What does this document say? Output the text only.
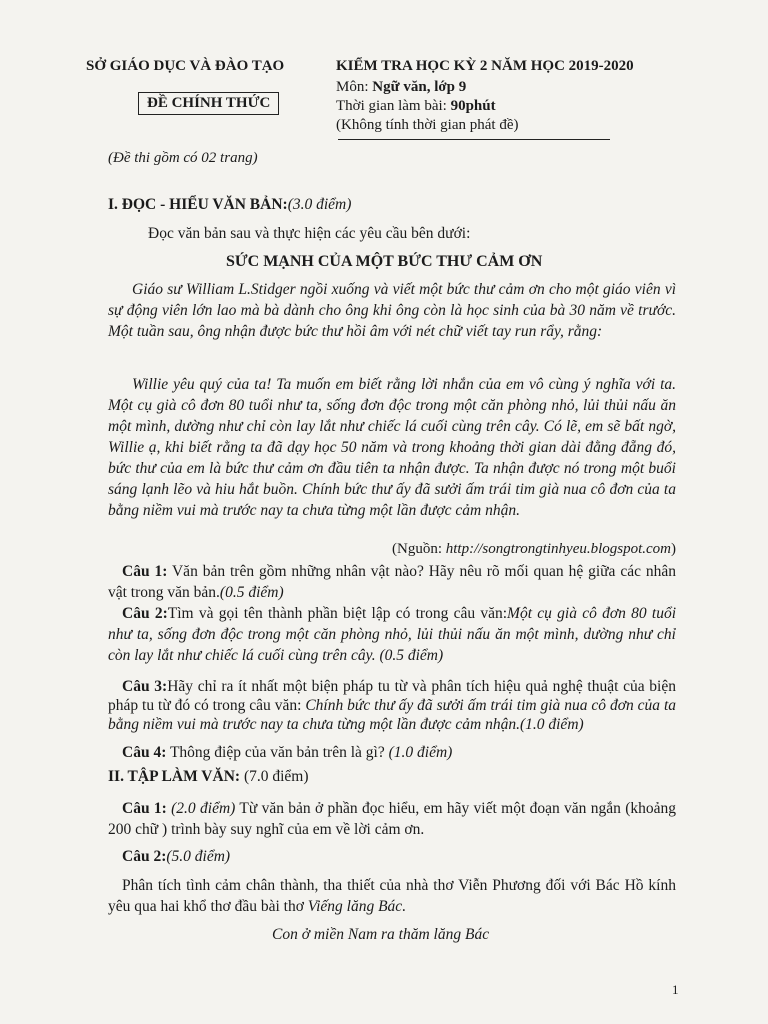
SỞ GIÁO DỤC VÀ ĐÀO TẠO
ĐỀ CHÍNH THỨC
KIỂM TRA HỌC KỲ 2 NĂM HỌC 2019-2020
Môn: Ngữ văn, lớp 9
Thời gian làm bài: 90phút
(Không tính thời gian phát đề)
(Đề thi gồm có 02 trang)
I. ĐỌC - HIỂU VĂN BẢN:(3.0 điểm)
Đọc văn bản sau và thực hiện các yêu cầu bên dưới:
SỨC MẠNH CỦA MỘT BỨC THƯ CẢM ƠN
Giáo sư William L.Stidger ngồi xuống và viết một bức thư cảm ơn cho một giáo viên vì sự động viên lớn lao mà bà dành cho ông khi ông còn là học sinh của bà 30 năm về trước. Một tuần sau, ông nhận được bức thư hồi âm với nét chữ viết tay run rẩy, rằng:
Willie yêu quý của ta! Ta muốn em biết rằng lời nhắn của em vô cùng ý nghĩa với ta. Một cụ già cô đơn 80 tuổi như ta, sống đơn độc trong một căn phòng nhỏ, lủi thủi nấu ăn một mình, dường như chỉ còn lay lắt như chiếc lá cuối cùng trên cây. Có lẽ, em sẽ bất ngờ, Willie ạ, khi biết rằng ta đã dạy học 50 năm và trong khoảng thời gian dài đằng đẵng đó, bức thư của em là bức thư cảm ơn đầu tiên ta nhận được. Ta nhận được nó trong một buổi sáng lạnh lẽo và hiu hắt buồn. Chính bức thư ấy đã sưởi ấm trái tim già nua cô đơn của ta bằng niềm vui mà trước nay ta chưa từng một lần được cảm nhận.
(Nguồn: http://songtrongtinhyeu.blogspot.com)
Câu 1: Văn bản trên gồm những nhân vật nào? Hãy nêu rõ mối quan hệ giữa các nhân vật trong văn bản.(0.5 điểm)
Câu 2:Tìm và gọi tên thành phần biệt lập có trong câu văn:Một cụ già cô đơn 80 tuổi như ta, sống đơn độc trong một căn phòng nhỏ, lủi thủi nấu ăn một mình, dường như chỉ còn lay lắt như chiếc lá cuối cùng trên cây. (0.5 điểm)
Câu 3:Hãy chỉ ra ít nhất một biện pháp tu từ và phân tích hiệu quả nghệ thuật của biện pháp tu từ đó có trong câu văn: Chính bức thư ấy đã sưởi ấm trái tim già nua cô đơn của ta bằng niềm vui mà trước nay ta chưa từng một lần được cảm nhận.(1.0 điểm)
Câu 4: Thông điệp của văn bản trên là gì? (1.0 điểm)
II. TẬP LÀM VĂN: (7.0 điểm)
Câu 1: (2.0 điểm) Từ văn bản ở phần đọc hiểu, em hãy viết một đoạn văn ngắn (khoảng 200 chữ ) trình bày suy nghĩ của em về lời cảm ơn.
Câu 2:(5.0 điểm)
Phân tích tình cảm chân thành, tha thiết của nhà thơ Viễn Phương đối với Bác Hồ kính yêu qua hai khổ thơ đầu bài thơ Viếng lăng Bác.
Con ở miền Nam ra thăm lăng Bác
1
